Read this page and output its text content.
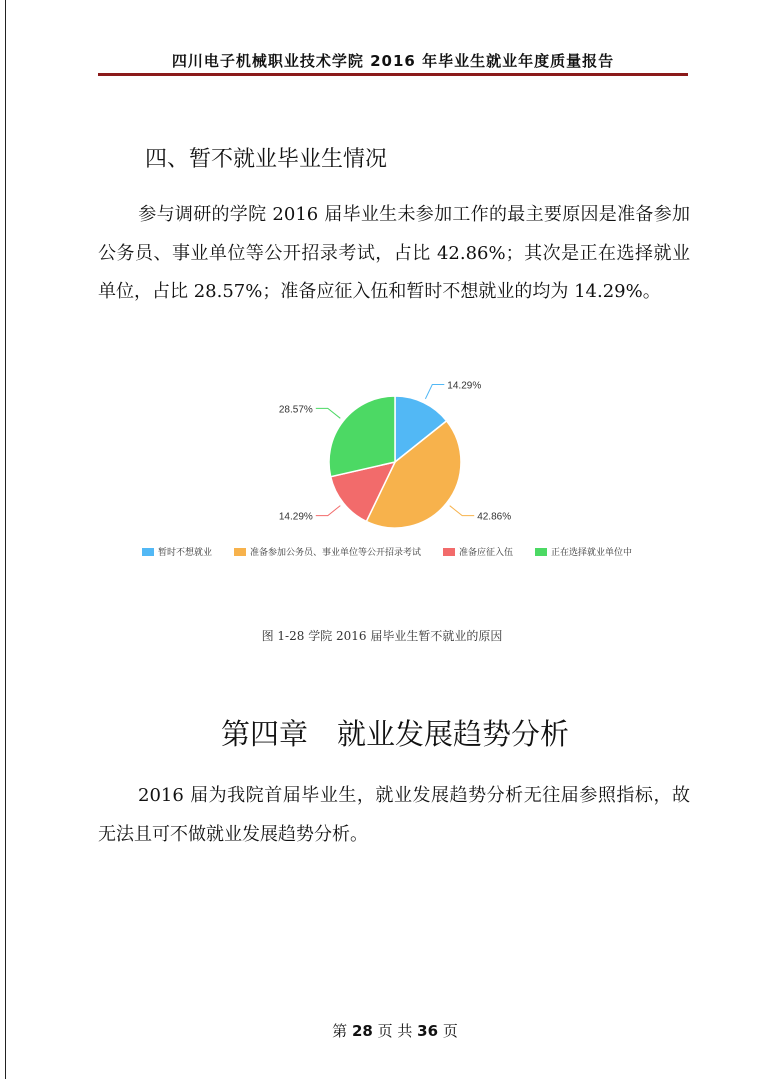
四川电子机械职业技术学院 2016 年毕业生就业年度质量报告
四、暂不就业毕业生情况
参与调研的学院 2016 届毕业生未参加工作的最主要原因是准备参加公务员、事业单位等公开招录考试，占比 42.86%；其次是正在选择就业单位，占比 28.57%；准备应征入伍和暂时不想就业的均为 14.29%。
14.29%
42.86%
14.29%
28.57%
暂时不想就业	准备参加公务员、事业单位等公开招录考试	准备应征入伍	正在选择就业单位中
图 1-28 学院 2016 届毕业生暂不就业的原因
第四章　就业发展趋势分析
2016 届为我院首届毕业生，就业发展趋势分析无往届参照指标，故无法且可不做就业发展趋势分析。
第 28 页 共 36 页
